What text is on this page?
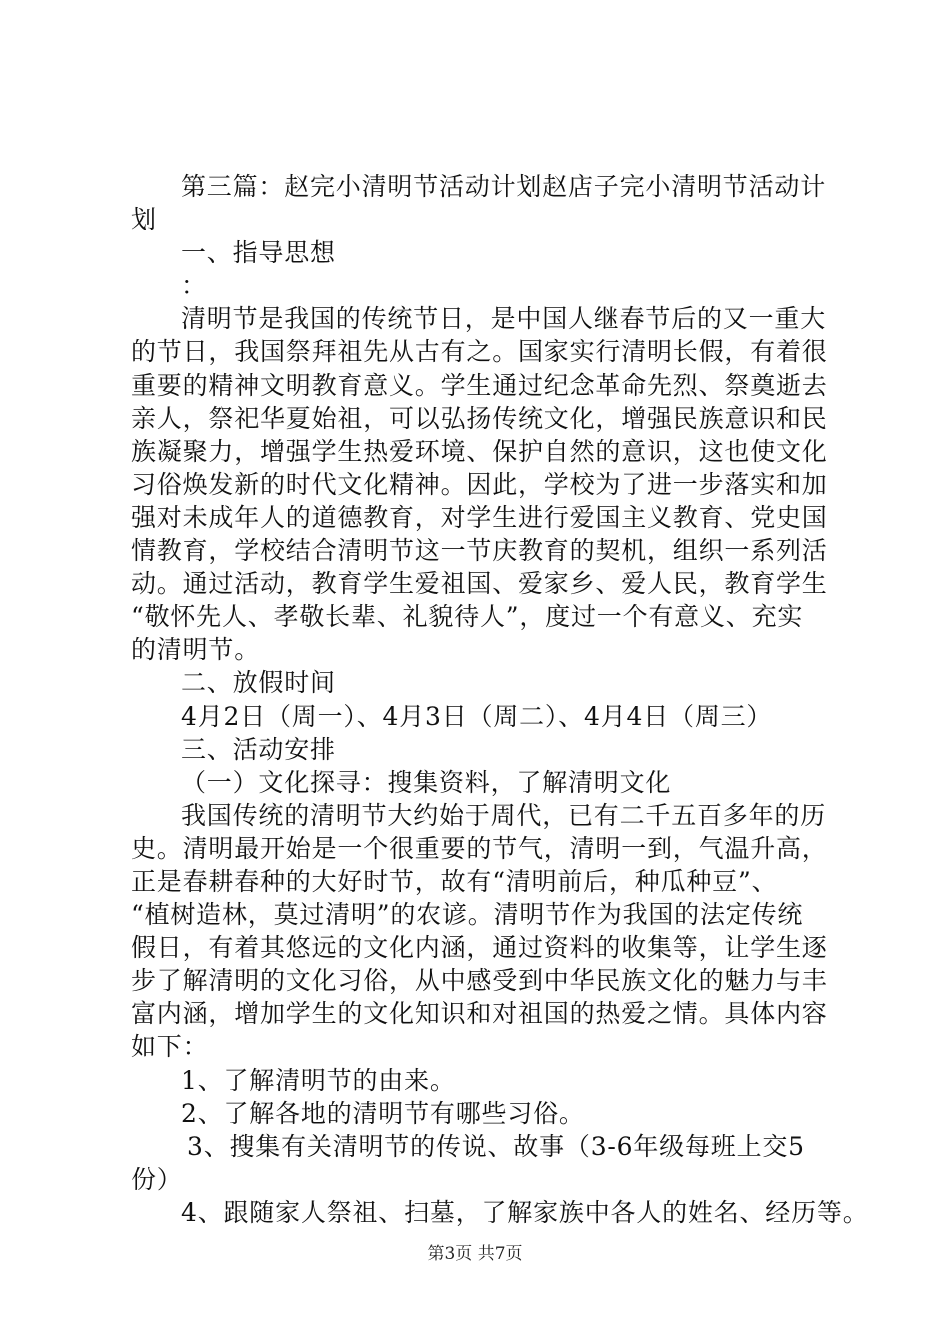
第三篇：赵完小清明节活动计划赵店子完小清明节活动计
划
一、指导思想
：
清明节是我国的传统节日，是中国人继春节后的又一重大
的节日，我国祭拜祖先从古有之。国家实行清明长假，有着很
重要的精神文明教育意义。学生通过纪念革命先烈、祭奠逝去
亲人，祭祀华夏始祖，可以弘扬传统文化，增强民族意识和民
族凝聚力，增强学生热爱环境、保护自然的意识，这也使文化
习俗焕发新的时代文化精神。因此，学校为了进一步落实和加
强对未成年人的道德教育，对学生进行爱国主义教育、党史国
情教育，学校结合清明节这一节庆教育的契机，组织一系列活
动。通过活动，教育学生爱祖国、爱家乡、爱人民，教育学生
“敬怀先人、孝敬长辈、礼貌待人”，度过一个有意义、充实
的清明节。
二、放假时间
4月2日（周一）、4月3日（周二）、4月4日（周三）
三、活动安排
（一）文化探寻：搜集资料，了解清明文化
我国传统的清明节大约始于周代，已有二千五百多年的历
史。清明最开始是一个很重要的节气，清明一到，气温升高，
正是春耕春种的大好时节，故有“清明前后，种瓜种豆”、
“植树造林，莫过清明”的农谚。清明节作为我国的法定传统
假日，有着其悠远的文化内涵，通过资料的收集等，让学生逐
步了解清明的文化习俗，从中感受到中华民族文化的魅力与丰
富内涵，增加学生的文化知识和对祖国的热爱之情。具体内容
如下：
1、了解清明节的由来。
2、了解各地的清明节有哪些习俗。
3、搜集有关清明节的传说、故事（3-6年级每班上交5
份）
4、跟随家人祭祖、扫墓，了解家族中各人的姓名、经历等。
第3页 共7页
